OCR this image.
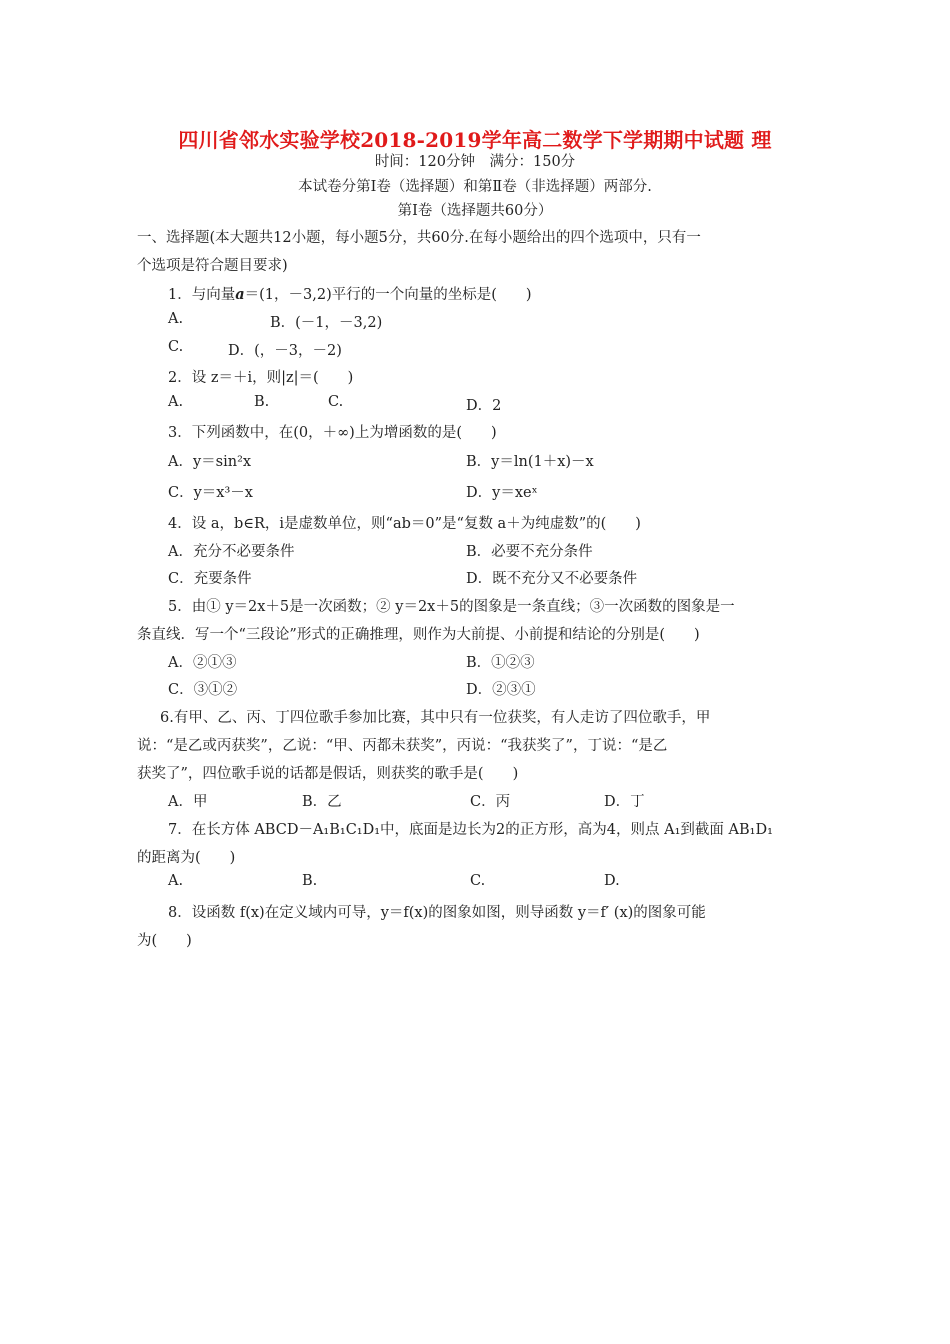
四川省邻水实验学校2018-2019学年高二数学下学期期中试题 理
时间：120分钟　满分：150分
本试卷分第Ⅰ卷（选择题）和第Ⅱ卷（非选择题）两部分.
第Ⅰ卷（选择题共60分）
一、选择题(本大题共12小题，每小题5分，共60分.在每小题给出的四个选项中，只有一
个选项是符合题目要求)
1．与向量a＝(1，－3,2)平行的一个向量的坐标是(　　)
A.	B．(－1，－3,2)
C.	D．(，－3，－2)
2．设 z＝＋i，则|z|＝(　　)
A.	B.	C.	D．2
3．下列函数中，在(0，＋∞)上为增函数的是(　　)
A．y＝sin²x	B．y＝ln(1＋x)－x
C．y＝x³－x	D．y＝xeˣ
4．设 a，b∈R，i是虚数单位，则“ab＝0”是“复数 a＋为纯虚数”的(　　)
A．充分不必要条件	B．必要不充分条件
C．充要条件	D．既不充分又不必要条件
5．由① y＝2x＋5是一次函数；② y＝2x＋5的图象是一条直线；③一次函数的图象是一
条直线．写一个“三段论”形式的正确推理，则作为大前提、小前提和结论的分别是(　　)
A．②①③	B．①②③
C．③①②	D．②③①
6.有甲、乙、丙、丁四位歌手参加比赛，其中只有一位获奖，有人走访了四位歌手，甲
说：“是乙或丙获奖”，乙说：“甲、丙都未获奖”，丙说：“我获奖了”，丁说：“是乙
获奖了”，四位歌手说的话都是假话，则获奖的歌手是(　　)
A．甲	B．乙	C．丙	D．丁
7．在长方体 ABCD－A₁B₁C₁D₁中，底面是边长为2的正方形，高为4，则点 A₁到截面 AB₁D₁
的距离为(　　)
A.	B.	C.	D.
8．设函数 f(x)在定义域内可导，y＝f(x)的图象如图，则导函数 y＝f′ (x)的图象可能
为(　　)
